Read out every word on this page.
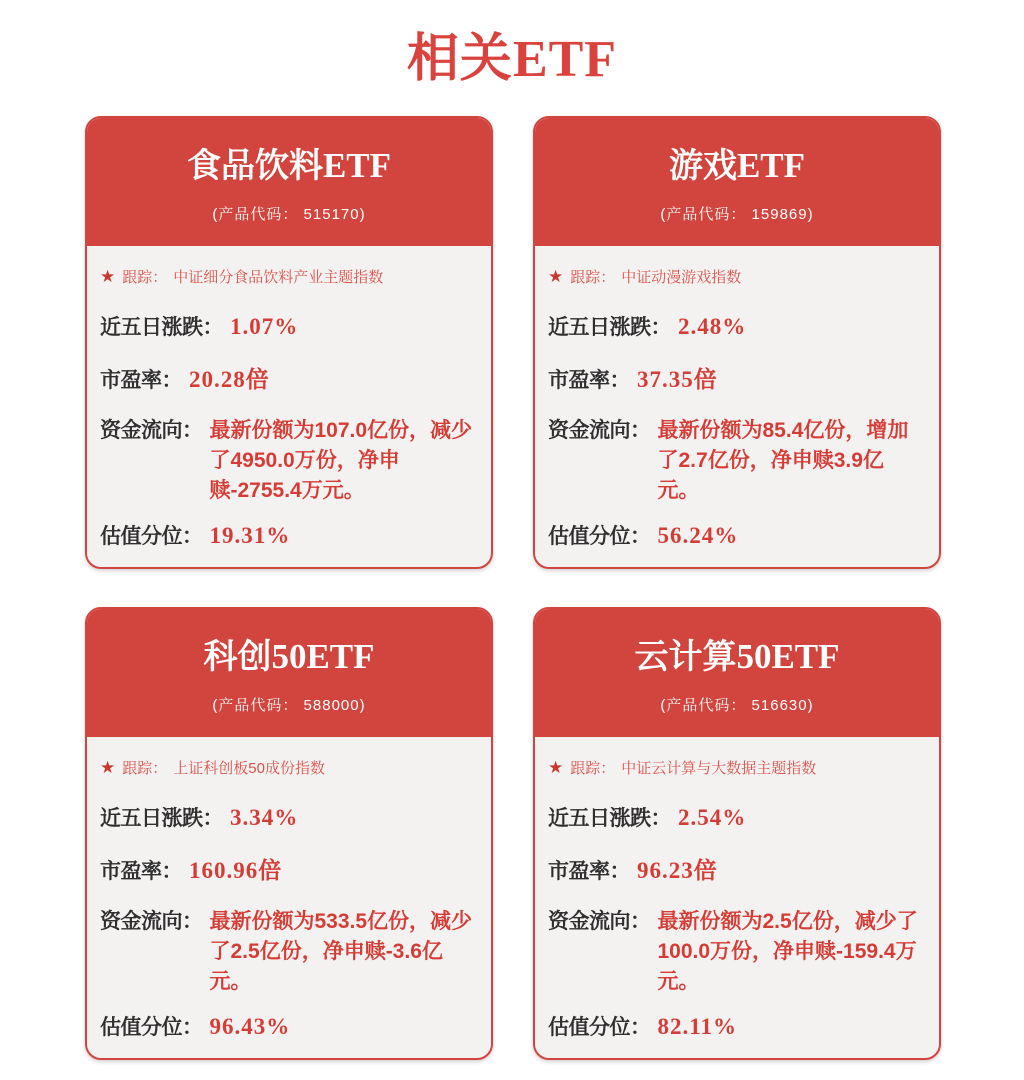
相关ETF
食品饮料ETF
(产品代码： 515170)
★ 跟踪： 中证细分食品饮料产业主题指数
近五日涨跌： 1.07%
市盈率： 20.28倍
资金流向： 最新份额为107.0亿份，减少了4950.0万份，净申赎-2755.4万元。
估值分位： 19.31%
游戏ETF
(产品代码： 159869)
★ 跟踪： 中证动漫游戏指数
近五日涨跌： 2.48%
市盈率： 37.35倍
资金流向： 最新份额为85.4亿份，增加了2.7亿份，净申赎3.9亿元。
估值分位： 56.24%
科创50ETF
(产品代码： 588000)
★ 跟踪： 上证科创板50成份指数
近五日涨跌： 3.34%
市盈率： 160.96倍
资金流向： 最新份额为533.5亿份，减少了2.5亿份，净申赎-3.6亿元。
估值分位： 96.43%
云计算50ETF
(产品代码： 516630)
★ 跟踪： 中证云计算与大数据主题指数
近五日涨跌： 2.54%
市盈率： 96.23倍
资金流向： 最新份额为2.5亿份，减少了100.0万份，净申赎-159.4万元。
估值分位： 82.11%
